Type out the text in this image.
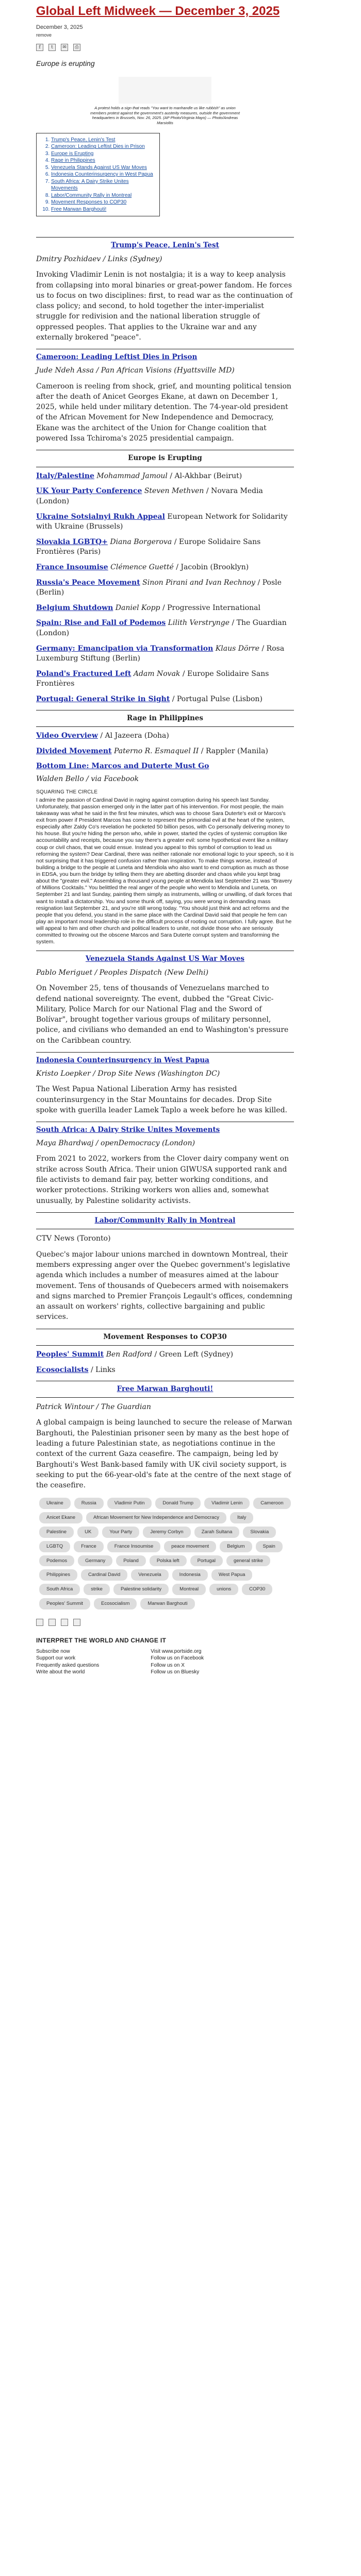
Global Left Midweek — December 3, 2025

December 3, 2025

remove

f	t	✉	⎙

Europe is erupting

A protest holds a sign that reads "You want to manhandle us like rubbish" as union members protest against the government's austerity measures, outside the government headquarters in Brussels, Nov. 26, 2025. (AP Photo/Virginia Mayo) — Photo/Andreas Marsioltis
1. Trump's Peace, Lenin's Test
2. Cameroon: Leading Leftist Dies in Prison
3. Europe is Erupting
4. Rage in Philippines
5. Venezuela Stands Against US War Moves
6. Indonesia Counterinsurgency in West Papua
7. South Africa: A Dairy Strike Unites Movements
8. Labor/Community Rally in Montreal
9. Movement Responses to COP30
10. Free Marwan Barghouti!
Trump's Peace, Lenin's Test

Dmitry Pozhidaev / Links (Sydney)

Invoking Vladimir Lenin is not nostalgia; it is a way to keep analysis from collapsing into moral binaries or great-power fandom. He forces us to focus on two disciplines: first, to read war as the continuation of class policy; and second, to hold together the inter-imperialist struggle for redivision and the national liberation struggle of oppressed peoples. That applies to the Ukraine war and any externally brokered "peace".

Cameroon: Leading Leftist Dies in Prison

Jude Ndeh Assa / Pan African Visions (Hyattsville MD)

Cameroon is reeling from shock, grief, and mounting political tension after the death of Anicet Georges Ekane, at dawn on December 1, 2025, while held under military detention. The 74-year-old president of the African Movement for New Independence and Democracy, Ekane was the architect of the Union for Change coalition that powered Issa Tchiroma's 2025 presidential campaign.

Europe is Erupting

Italy/Palestine Mohammad Jamoul / Al-Akhbar (Beirut)

UK Your Party Conference Steven Methven / Novara Media (London)

Ukraine Sotsialnyi Rukh Appeal European Network for Solidarity with Ukraine (Brussels)

Slovakia LGBTQ+ Diana Borgerova / Europe Solidaire Sans Frontières (Paris)

France Insoumise Clémence Guetté / Jacobin (Brooklyn)

Russia's Peace Movement Sinon Pirani and Ivan Rechnoy / Posle (Berlin)

Belgium Shutdown Daniel Kopp / Progressive International

Spain: Rise and Fall of Podemos Lilith Verstrynge / The Guardian (London)

Germany: Emancipation via Transformation Klaus Dörre / Rosa Luxemburg Stiftung (Berlin)

Poland's Fractured Left Adam Novak / Europe Solidaire Sans Frontières

Portugal: General Strike in Sight / Portugal Pulse (Lisbon)

Rage in Philippines

Video Overview / Al Jazeera (Doha)

Divided Movement Paterno R. Esmaquel II / Rappler (Manila)

Bottom Line: Marcos and Duterte Must Go

Walden Bello / via Facebook

SQUARING THE CIRCLE
I admire the passion of Cardinal David in raging against corruption during his speech last Sunday. Unfortunately, that passion emerged only in the latter part of his intervention. For most people, the main takeaway was what he said in the first few minutes, which was to choose Sara Duterte's exit or Marcos's exit from power if President Marcos has come to represent the primordial evil at the heart of the system, especially after Zaldy Co's revelation he pocketed 50 billion pesos, with Co personally delivering money to his house. But you're hiding the person who, while in power, started the cycles of systemic corruption like accountability and receipts, because you say there's a greater evil: some hypothetical event like a military coup or civil chaos, that we could ensue. Instead you appeal to this symbol of corruption to lead us reforming the system? Dear Cardinal, there was neither rationale nor emotional logic to your speech, so it is not surprising that it has triggered confusion rather than inspiration. To make things worse, instead of building a bridge to the people at Luneta and Mendiola who also want to end corruption as much as those in EDSA, you burn the bridge by telling them they are abetting disorder and chaos while you kept brag about the "greater evil." Assembling a thousand young people at Mendiola last September 21 was "Bravery of Millions Cocktails." You belittled the real anger of the people who went to Mendiola and Luneta, on September 21 and last Sunday, painting them simply as instruments, willing or unwilling, of dark forces that want to install a dictatorship. You and some thunk off, saying, you were wrong in demanding mass resignation last September 21, and you're still wrong today. "You should just think and act reforms and the people that you defend, you stand in the same place with the Cardinal David said that people he fem can play an important moral leadership role in the difficult process of rooting out corruption. I fully agree. But he will appeal to him and other church and political leaders to unite, not divide those who are seriously committed to throwing out the obscene Marcos and Sara Duterte corrupt system and transforming the system.
Venezuela Stands Against US War Moves

Pablo Meriguet / Peoples Dispatch (New Delhi)

On November 25, tens of thousands of Venezuelans marched to defend national sovereignty. The event, dubbed the "Great Civic-Military, Police March for our National Flag and the Sword of Bolívar", brought together various groups of military personnel, police, and civilians who demanded an end to Washington's pressure on the Caribbean country.

Indonesia Counterinsurgency in West Papua

Kristo Loepker / Drop Site News (Washington DC)

The West Papua National Liberation Army has resisted counterinsurgency in the Star Mountains for decades. Drop Site spoke with guerilla leader Lamek Taplo a week before he was killed.

South Africa: A Dairy Strike Unites Movements

Maya Bhardwaj / openDemocracy (London)

From 2021 to 2022, workers from the Clover dairy company went on strike across South Africa. Their union GIWUSA supported rank and file activists to demand fair pay, better working conditions, and worker protections. Striking workers won allies and, somewhat unusually, by Palestine solidarity activists.

Labor/Community Rally in Montreal

CTV News (Toronto)

Quebec's major labour unions marched in downtown Montreal, their members expressing anger over the Quebec government's legislative agenda which includes a number of measures aimed at the labour movement. Tens of thousands of Quebecers armed with noisemakers and signs marched to Premier François Legault's offices, condemning an assault on workers' rights, collective bargaining and public services.

Movement Responses to COP30

Peoples' Summit Ben Radford / Green Left (Sydney)

Ecosocialists / Links

Free Marwan Barghouti!

Patrick Wintour / The Guardian

A global campaign is being launched to secure the release of Marwan Barghouti, the Palestinian prisoner seen by many as the best hope of leading a future Palestinian state, as negotiations continue in the context of the current Gaza ceasefire. The campaign, being led by Barghouti's West Bank-based family with UK civil society support, is seeking to put the 66-year-old's fate at the centre of the next stage of the ceasefire.

Ukraine	Russia	Vladimir Putin	Donald Trump	Vladimir Lenin	Cameroon
Anicet Ekane	African Movement for New Independence and Democracy	Italy
Palestine	UK	Your Party	Jeremy Corbyn	Zarah Sultana	Slovakia
LGBTQ	France	France Insoumise	peace movement	Belgium	Spain
Podemos	Germany	Poland	Polska left	Portugal	general strike
Philippines	Cardinal David	Venezuela	Indonesia	West Papua
South Africa	strike	Palestine solidarity	Montreal	unions	COP30
Peoples' Summit	Ecosocialism	Marwan Barghouti

INTERPRET THE WORLD AND CHANGE IT

Subscribe now
Support our work
Frequently asked questions
Write about the world
Visit www.portside.org
Follow us on Facebook
Follow us on X
Follow us on Bluesky
